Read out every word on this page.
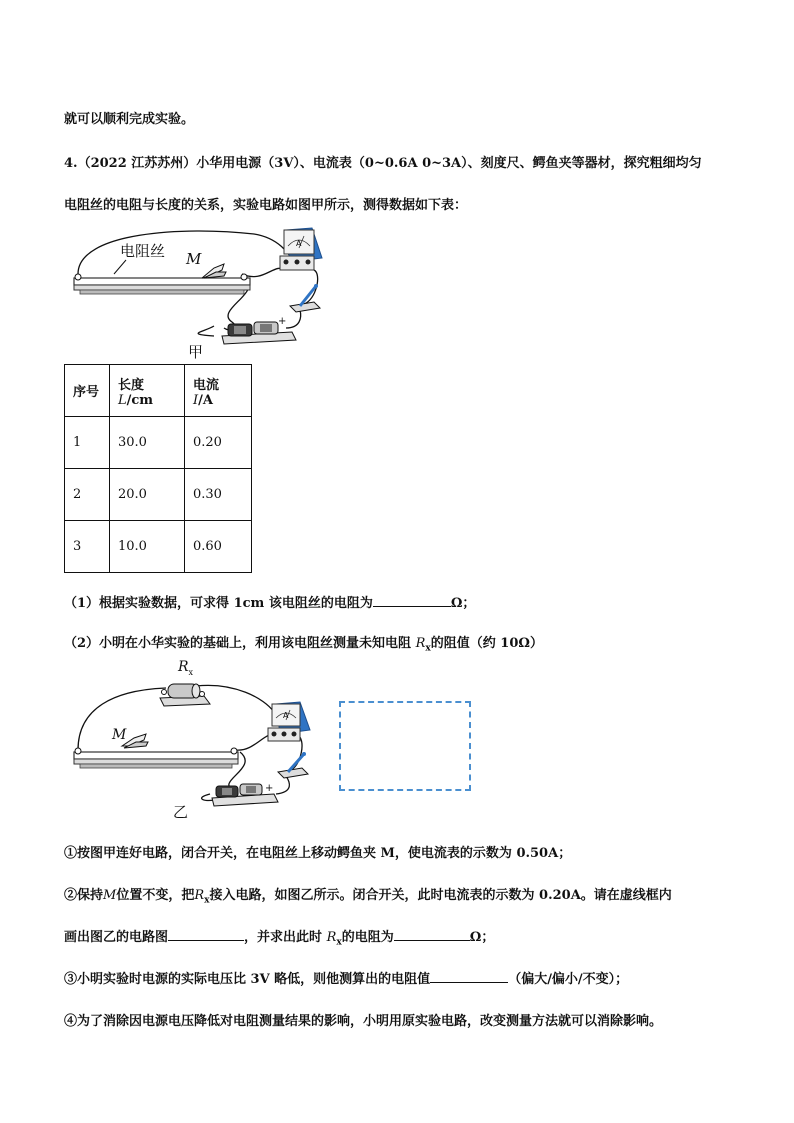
就可以顺利完成实验。
4.（2022 江苏苏州）小华用电源（3V）、电流表（0~0.6A 0~3A）、刻度尺、鳄鱼夹等器材，探究粗细均匀
电阻丝的电阻与长度的关系，实验电路如图甲所示，测得数据如下表：
电阻丝 M
A
+
甲
序号	长度 L/cm	电流 I/A
1	30.0	0.20
2	20.0	0.30
3	10.0	0.60
（1）根据实验数据，可求得 1cm 该电阻丝的电阻为	Ω；
（2）小明在小华实验的基础上，利用该电阻丝测量未知电阻 $R_x$的阻值（约 10Ω）
$R_x$
M
A
+
乙
①按图甲连好电路，闭合开关，在电阻丝上移动鳄鱼夹 M，使电流表的示数为 0.50A；
②保持M位置不变，把$R_x$接入电路，如图乙所示。闭合开关，此时电流表的示数为 0.20A。请在虚线框内
画出图乙的电路图	，并求出此时 $R_x$的电阻为	Ω；
③小明实验时电源的实际电压比 3V 略低，则他测算出的电阻值	（偏大/偏小/不变）；
④为了消除因电源电压降低对电阻测量结果的影响，小明用原实验电路，改变测量方法就可以消除影响。
